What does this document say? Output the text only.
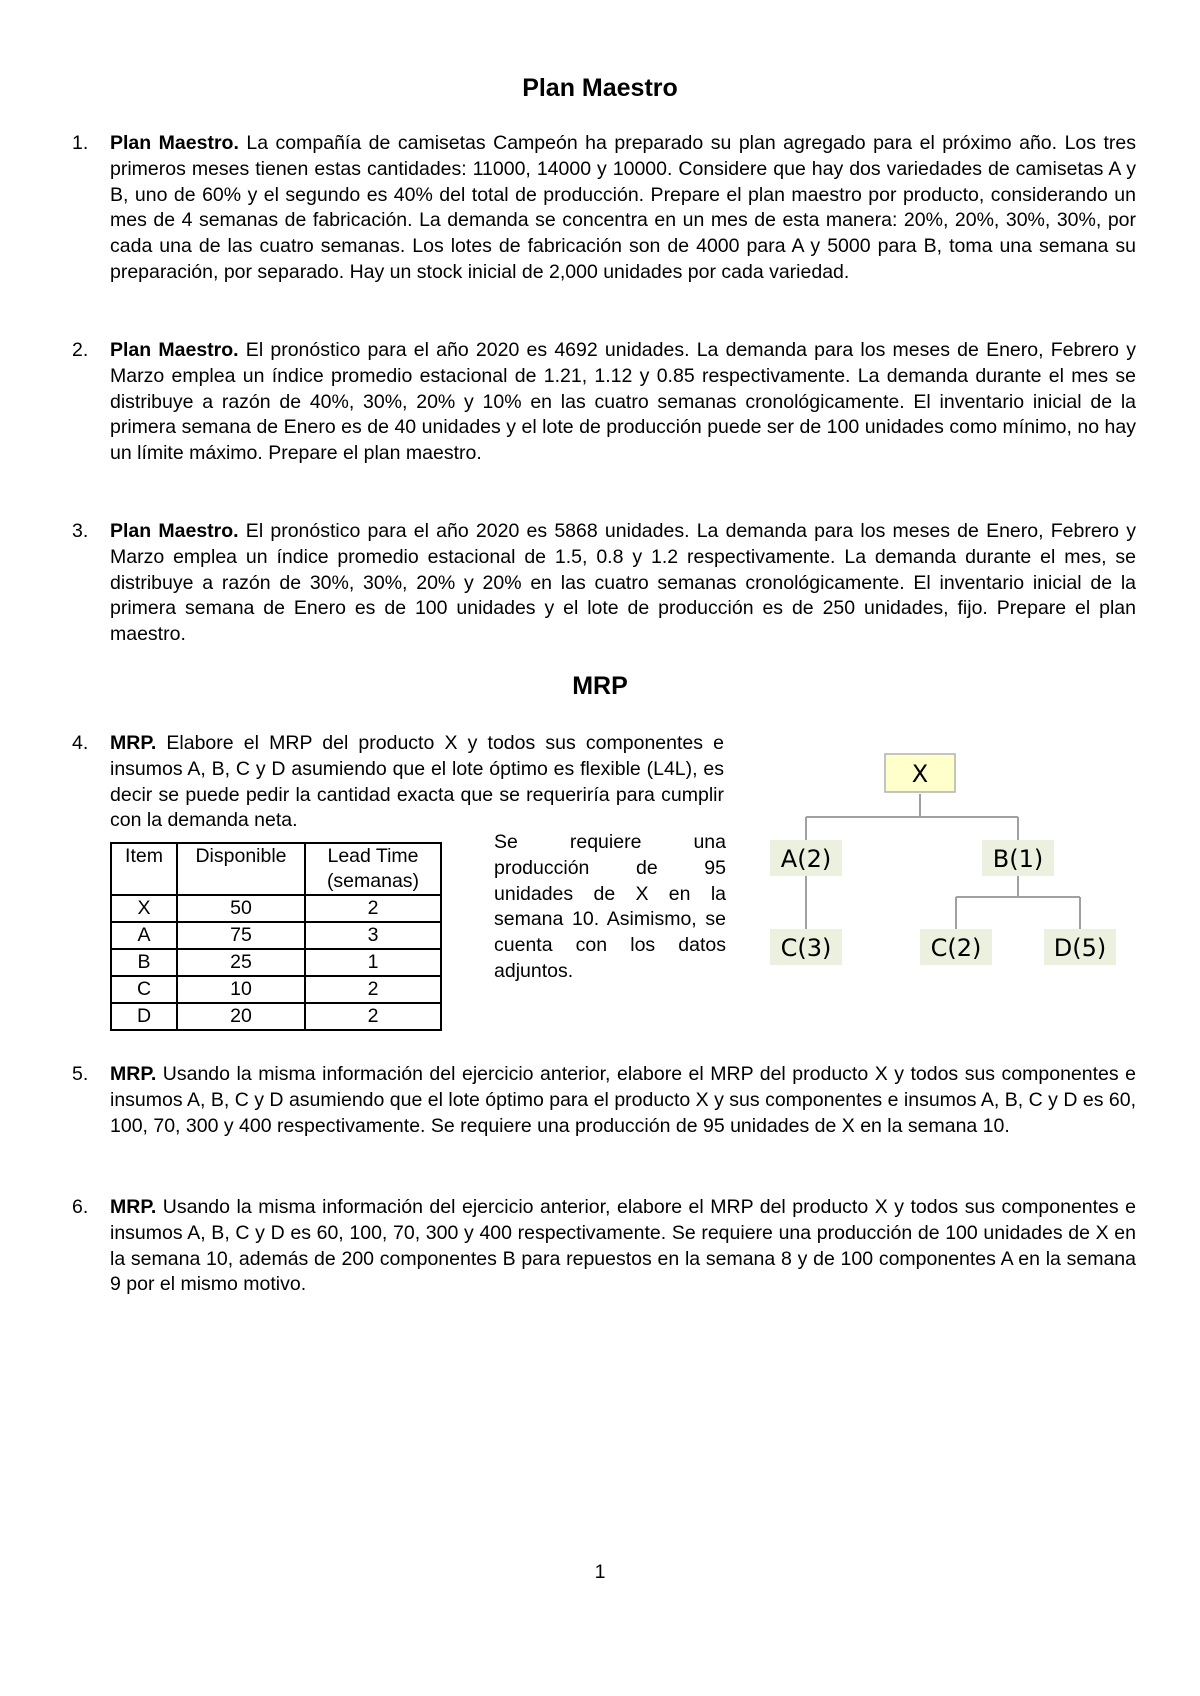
Plan Maestro
1.	Plan Maestro. La compañía de camisetas Campeón ha preparado su plan agregado para el próximo año. Los tres primeros meses tienen estas cantidades: 11000, 14000 y 10000. Considere que hay dos variedades de camisetas A y B, uno de 60% y el segundo es 40% del total de producción. Prepare el plan maestro por producto, considerando un mes de 4 semanas de fabricación. La demanda se concentra en un mes de esta manera: 20%, 20%, 30%, 30%, por cada una de las cuatro semanas. Los lotes de fabricación son de 4000 para A y 5000 para B, toma una semana su preparación, por separado. Hay un stock inicial de 2,000 unidades por cada variedad.
2.	Plan Maestro. El pronóstico para el año 2020 es 4692 unidades. La demanda para los meses de Enero, Febrero y Marzo emplea un índice promedio estacional de 1.21, 1.12 y 0.85 respectivamente. La demanda durante el mes se distribuye a razón de 40%, 30%, 20% y 10% en las cuatro semanas cronológicamente. El inventario inicial de la primera semana de Enero es de 40 unidades y el lote de producción puede ser de 100 unidades como mínimo, no hay un límite máximo. Prepare el plan maestro.
3.	Plan Maestro. El pronóstico para el año 2020 es 5868 unidades. La demanda para los meses de Enero, Febrero y Marzo emplea un índice promedio estacional de 1.5, 0.8 y 1.2 respectivamente. La demanda durante el mes, se distribuye a razón de 30%, 30%, 20% y 20% en las cuatro semanas cronológicamente. El inventario inicial de la primera semana de Enero es de 100 unidades y el lote de producción es de 250 unidades, fijo. Prepare el plan maestro.
MRP
4.	MRP. Elabore el MRP del producto X y todos sus componentes e insumos A, B, C y D asumiendo que el lote óptimo es flexible (L4L), es decir se puede pedir la cantidad exacta que se requeriría para cumplir con la demanda neta.
Se requiere una producción de 95 unidades de X en la semana 10. Asimismo, se cuenta con los datos adjuntos.
Item	Disponible	Lead Time
(semanas)
X	50	2
A	75	3
B	25	1
C	10	2
D	20	2
X
A(2)	B(1)
C(3)	C(2)	D(5)
5.	MRP. Usando la misma información del ejercicio anterior, elabore el MRP del producto X y todos sus componentes e insumos A, B, C y D asumiendo que el lote óptimo para el producto X y sus componentes e insumos A, B, C y D es 60, 100, 70, 300 y 400 respectivamente. Se requiere una producción de 95 unidades de X en la semana 10.
6.	MRP. Usando la misma información del ejercicio anterior, elabore el MRP del producto X y todos sus componentes e insumos A, B, C y D es 60, 100, 70, 300 y 400 respectivamente. Se requiere una producción de 100 unidades de X en la semana 10, además de 200 componentes B para repuestos en la semana 8 y de 100 componentes A en la semana 9 por el mismo motivo.
1
